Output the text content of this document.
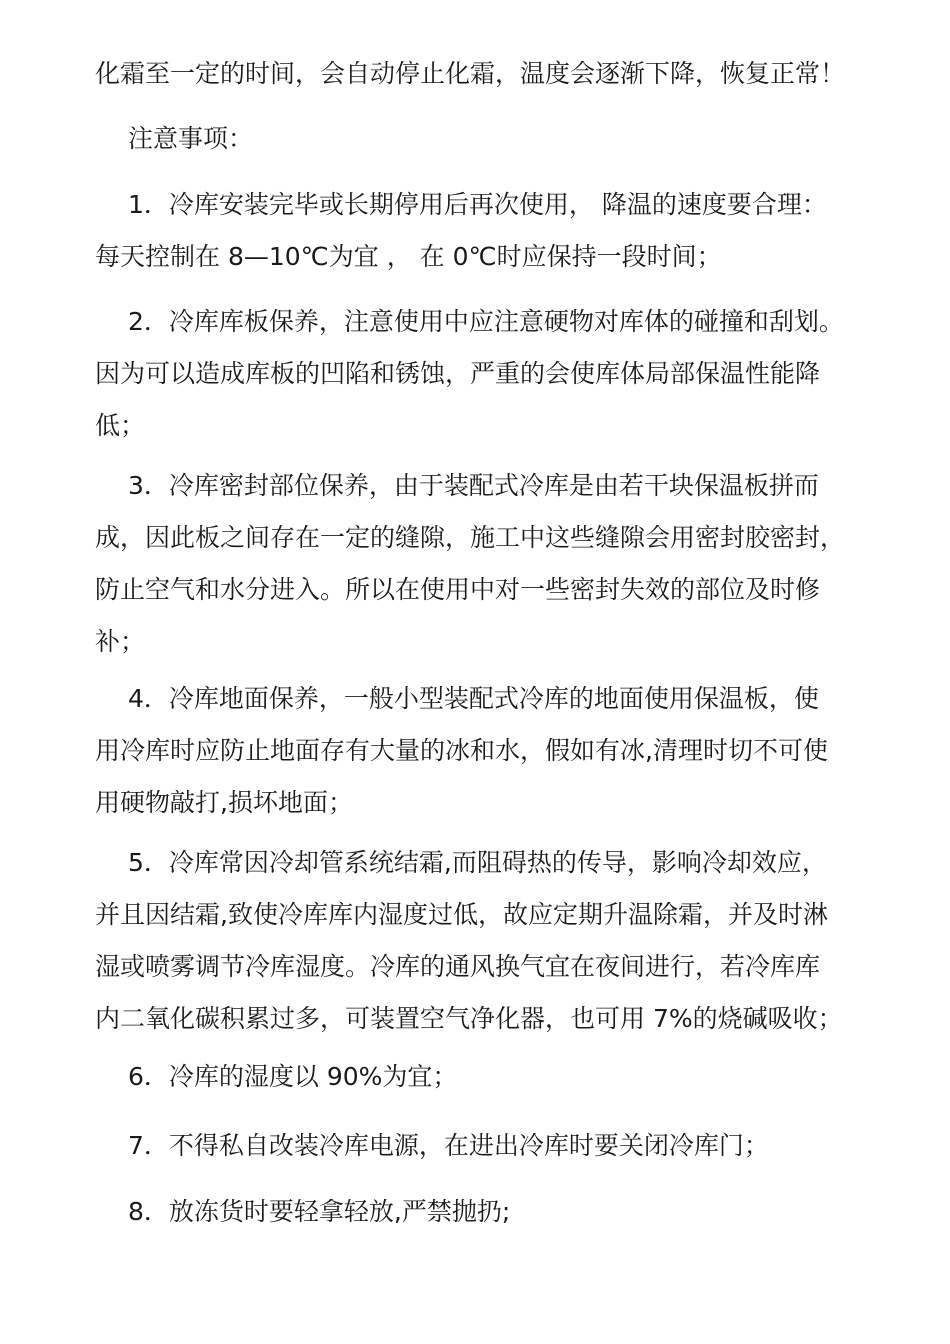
化霜至一定的时间，会自动停止化霜，温度会逐渐下降，恢复正常！

注意事项：

1．冷库安装完毕或长期停用后再次使用， 降温的速度要合理：
每天控制在 8—10℃为宜 ， 在 0℃时应保持一段时间；

2．冷库库板保养，注意使用中应注意硬物对库体的碰撞和刮划。
因为可以造成库板的凹陷和锈蚀，严重的会使库体局部保温性能降
低；

3．冷库密封部位保养，由于装配式冷库是由若干块保温板拼而
成，因此板之间存在一定的缝隙，施工中这些缝隙会用密封胶密封，
防止空气和水分进入。所以在使用中对一些密封失效的部位及时修
补；

4．冷库地面保养，一般小型装配式冷库的地面使用保温板，使
用冷库时应防止地面存有大量的冰和水，假如有冰,清理时切不可使
用硬物敲打,损坏地面；

5．冷库常因冷却管系统结霜,而阻碍热的传导，影响冷却效应，
并且因结霜,致使冷库库内湿度过低，故应定期升温除霜，并及时淋
湿或喷雾调节冷库湿度。冷库的通风换气宜在夜间进行，若冷库库
内二氧化碳积累过多，可装置空气净化器，也可用 7%的烧碱吸收；

6．冷库的湿度以 90%为宜；

7．不得私自改装冷库电源，在进出冷库时要关闭冷库门；

8．放冻货时要轻拿轻放,严禁抛扔;
